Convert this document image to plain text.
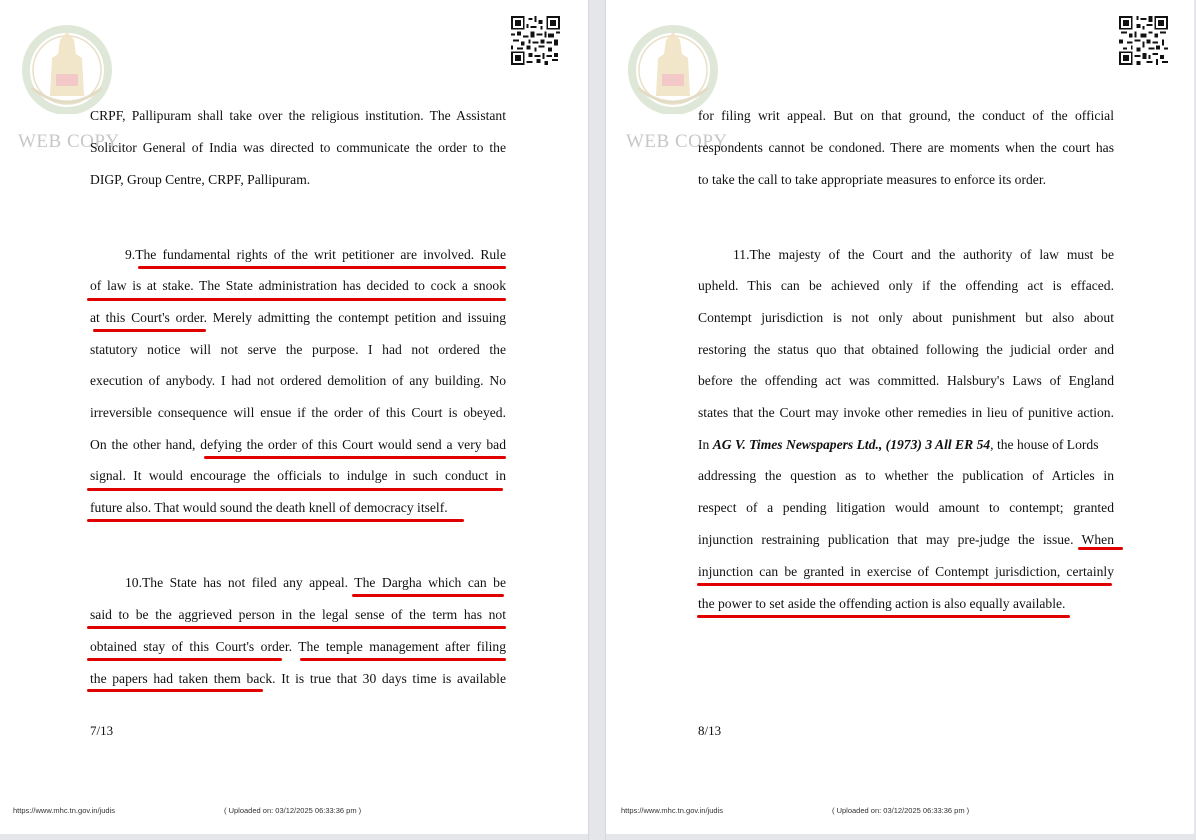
WEB COPY
CRPF, Pallipuram shall take over the religious institution. The Assistant
Solicitor General of India was directed to communicate the order to the
DIGP, Group Centre, CRPF, Pallipuram.
9.The fundamental rights of the writ petitioner are involved. Rule
of law is at stake. The State administration has decided to cock a snook
at this Court's order. Merely admitting the contempt petition and issuing
statutory notice will not serve the purpose. I had not ordered the
execution of anybody. I had not ordered demolition of any building. No
irreversible consequence will ensue if the order of this Court is obeyed.
On the other hand, defying the order of this Court would send a very bad
signal. It would encourage the officials to indulge in such conduct in
future also. That would sound the death knell of democracy itself.
10.The State has not filed any appeal. The Dargha which can be
said to be the aggrieved person in the legal sense of the term has not
obtained stay of this Court's order. The temple management after filing
the papers had taken them back. It is true that 30 days time is available
7/13
https://www.mhc.tn.gov.in/judis	( Uploaded on: 03/12/2025 06:33:36 pm )
WEB COPY
for filing writ appeal. But on that ground, the conduct of the official
respondents cannot be condoned. There are moments when the court has
to take the call to take appropriate measures to enforce its order.
11.The majesty of the Court and the authority of law must be
upheld. This can be achieved only if the offending act is effaced.
Contempt jurisdiction is not only about punishment but also about
restoring the status quo that obtained following the judicial order and
before the offending act was committed. Halsbury's Laws of England
states that the Court may invoke other remedies in lieu of punitive action.
In AG V. Times Newspapers Ltd., (1973) 3 All ER 54, the house of Lords
addressing the question as to whether the publication of Articles in
respect of a pending litigation would amount to contempt; granted
injunction restraining publication that may pre-judge the issue. When
injunction can be granted in exercise of Contempt jurisdiction, certainly
the power to set aside the offending action is also equally available.
8/13
https://www.mhc.tn.gov.in/judis	( Uploaded on: 03/12/2025 06:33:36 pm )
